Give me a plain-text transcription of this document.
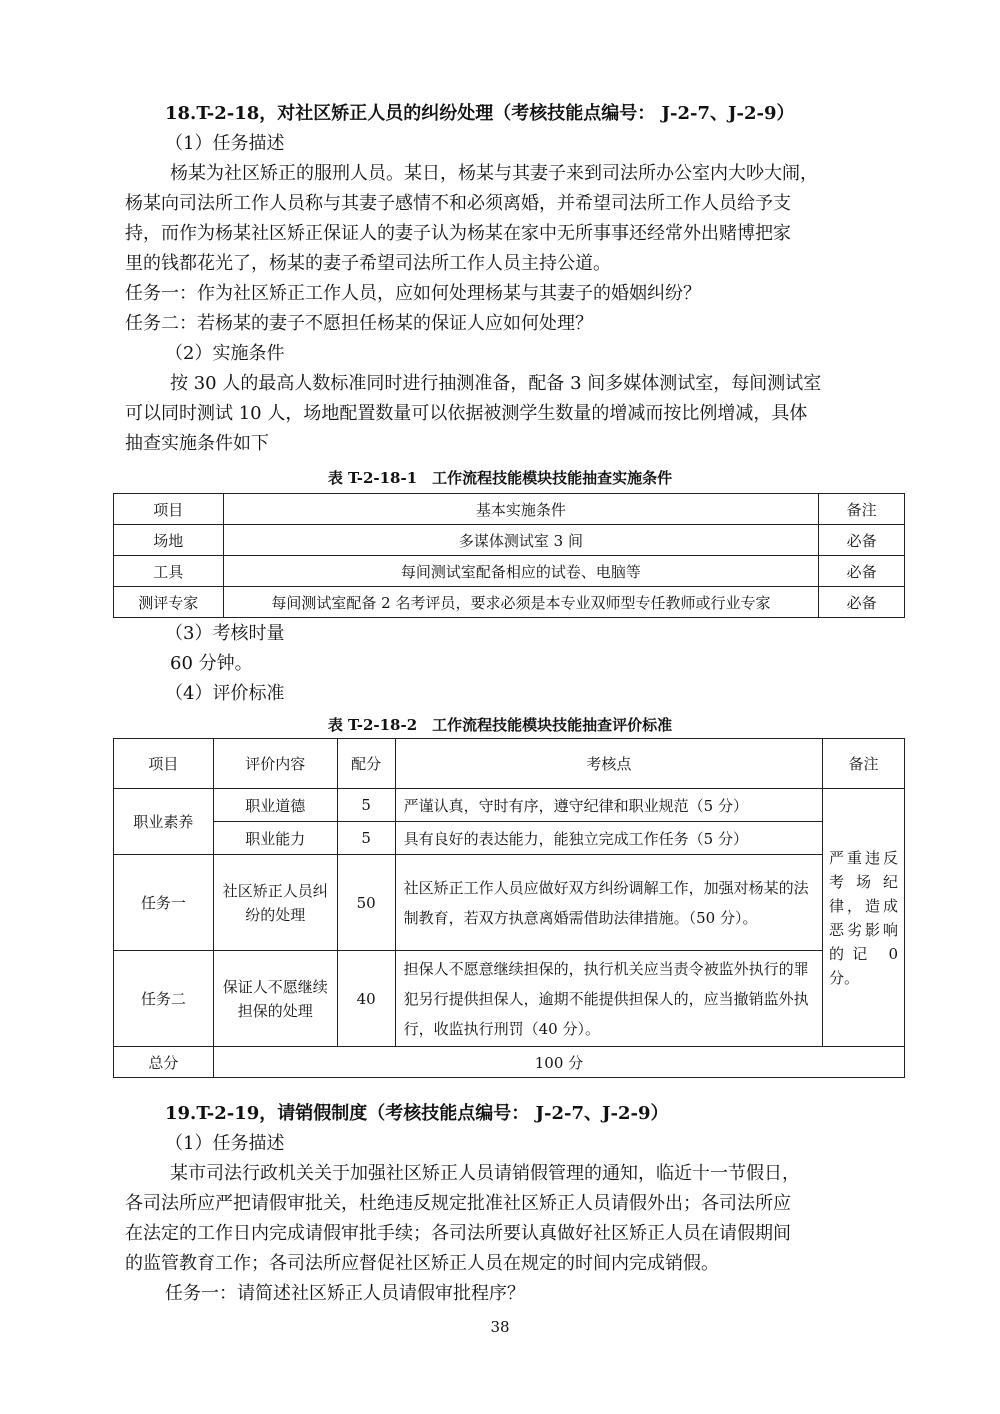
18.T-2-18，对社区矫正人员的纠纷处理（考核技能点编号： J-2-7、J-2-9）
（1）任务描述
杨某为社区矫正的服刑人员。某日，杨某与其妻子来到司法所办公室内大吵大闹，
杨某向司法所工作人员称与其妻子感情不和必须离婚，并希望司法所工作人员给予支
持，而作为杨某社区矫正保证人的妻子认为杨某在家中无所事事还经常外出赌博把家
里的钱都花光了，杨某的妻子希望司法所工作人员主持公道。
任务一：作为社区矫正工作人员，应如何处理杨某与其妻子的婚姻纠纷？
任务二：若杨某的妻子不愿担任杨某的保证人应如何处理？
（2）实施条件
按 30 人的最高人数标准同时进行抽测准备，配备 3 间多媒体测试室，每间测试室
可以同时测试 10 人，场地配置数量可以依据被测学生数量的增减而按比例增减，具体
抽查实施条件如下
表 T-2-18-1　工作流程技能模块技能抽查实施条件
项目	基本实施条件	备注
场地	多谋体测试室 3 间	必备
工具	每间测试室配备相应的试卷、电脑等	必备
测评专家	每间测试室配备 2 名考评员，要求必须是本专业双师型专任教师或行业专家	必备
（3）考核时量
60 分钟。
（4）评价标准
表 T-2-18-2　工作流程技能模块技能抽查评价标准
项目	评价内容	配分	考核点	备注
职业素养	职业道德	5	严谨认真，守时有序，遵守纪律和职业规范（5 分）	严重违反考场纪律，造成恶劣影响的记 0 分。
	职业能力	5	具有良好的表达能力，能独立完成工作任务（5 分）	
任务一	社区矫正人员纠纷的处理	50	社区矫正工作人员应做好双方纠纷调解工作，加强对杨某的法制教育，若双方执意离婚需借助法律措施。（50 分）。	
任务二	保证人不愿继续担保的处理	40	担保人不愿意继续担保的，执行机关应当责令被监外执行的罪犯另行提供担保人，逾期不能提供担保人的，应当撤销监外执行，收监执行刑罚（40 分）。	
总分	100 分			
19.T-2-19，请销假制度（考核技能点编号： J-2-7、J-2-9）
（1）任务描述
某市司法行政机关关于加强社区矫正人员请销假管理的通知，临近十一节假日，
各司法所应严把请假审批关，杜绝违反规定批准社区矫正人员请假外出；各司法所应
在法定的工作日内完成请假审批手续；各司法所要认真做好社区矫正人员在请假期间
的监管教育工作；各司法所应督促社区矫正人员在规定的时间内完成销假。
任务一：请简述社区矫正人员请假审批程序？
38
